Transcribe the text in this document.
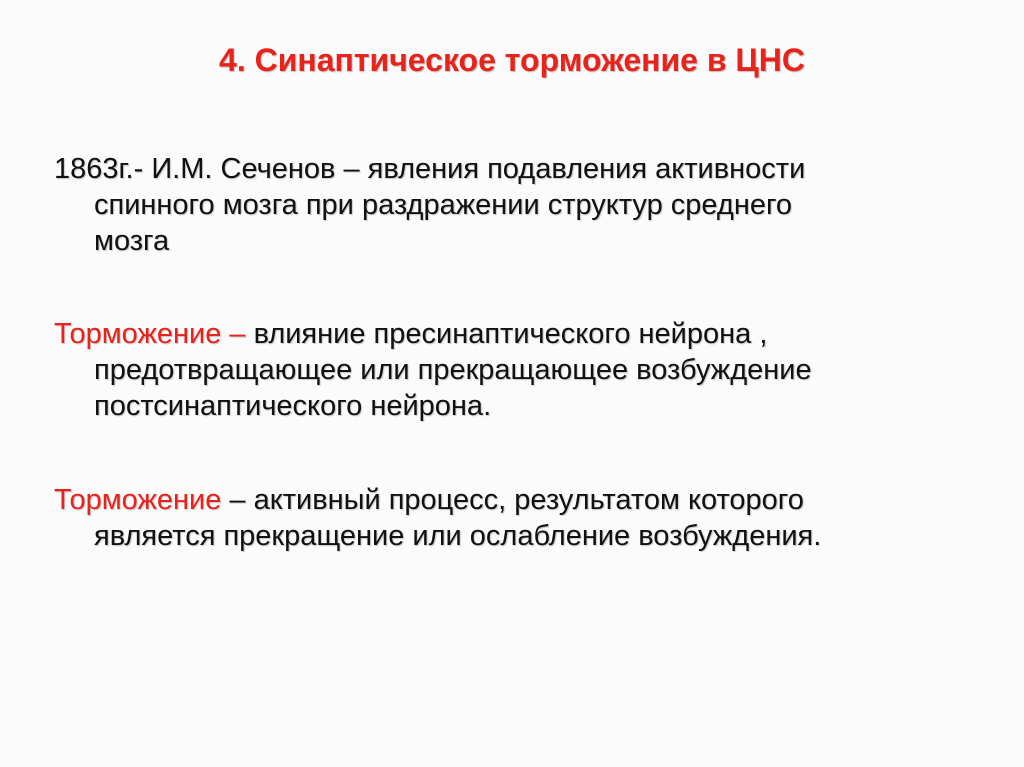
4. Синаптическое торможение в ЦНС
1863г.- И.М. Сеченов – явления подавления активности
спинного мозга при раздражении структур среднего
мозга
Торможение – влияние пресинаптического нейрона ,
предотвращающее или прекращающее возбуждение
постсинаптического нейрона.
Торможение – активный процесс, результатом которого
является прекращение или ослабление возбуждения.
